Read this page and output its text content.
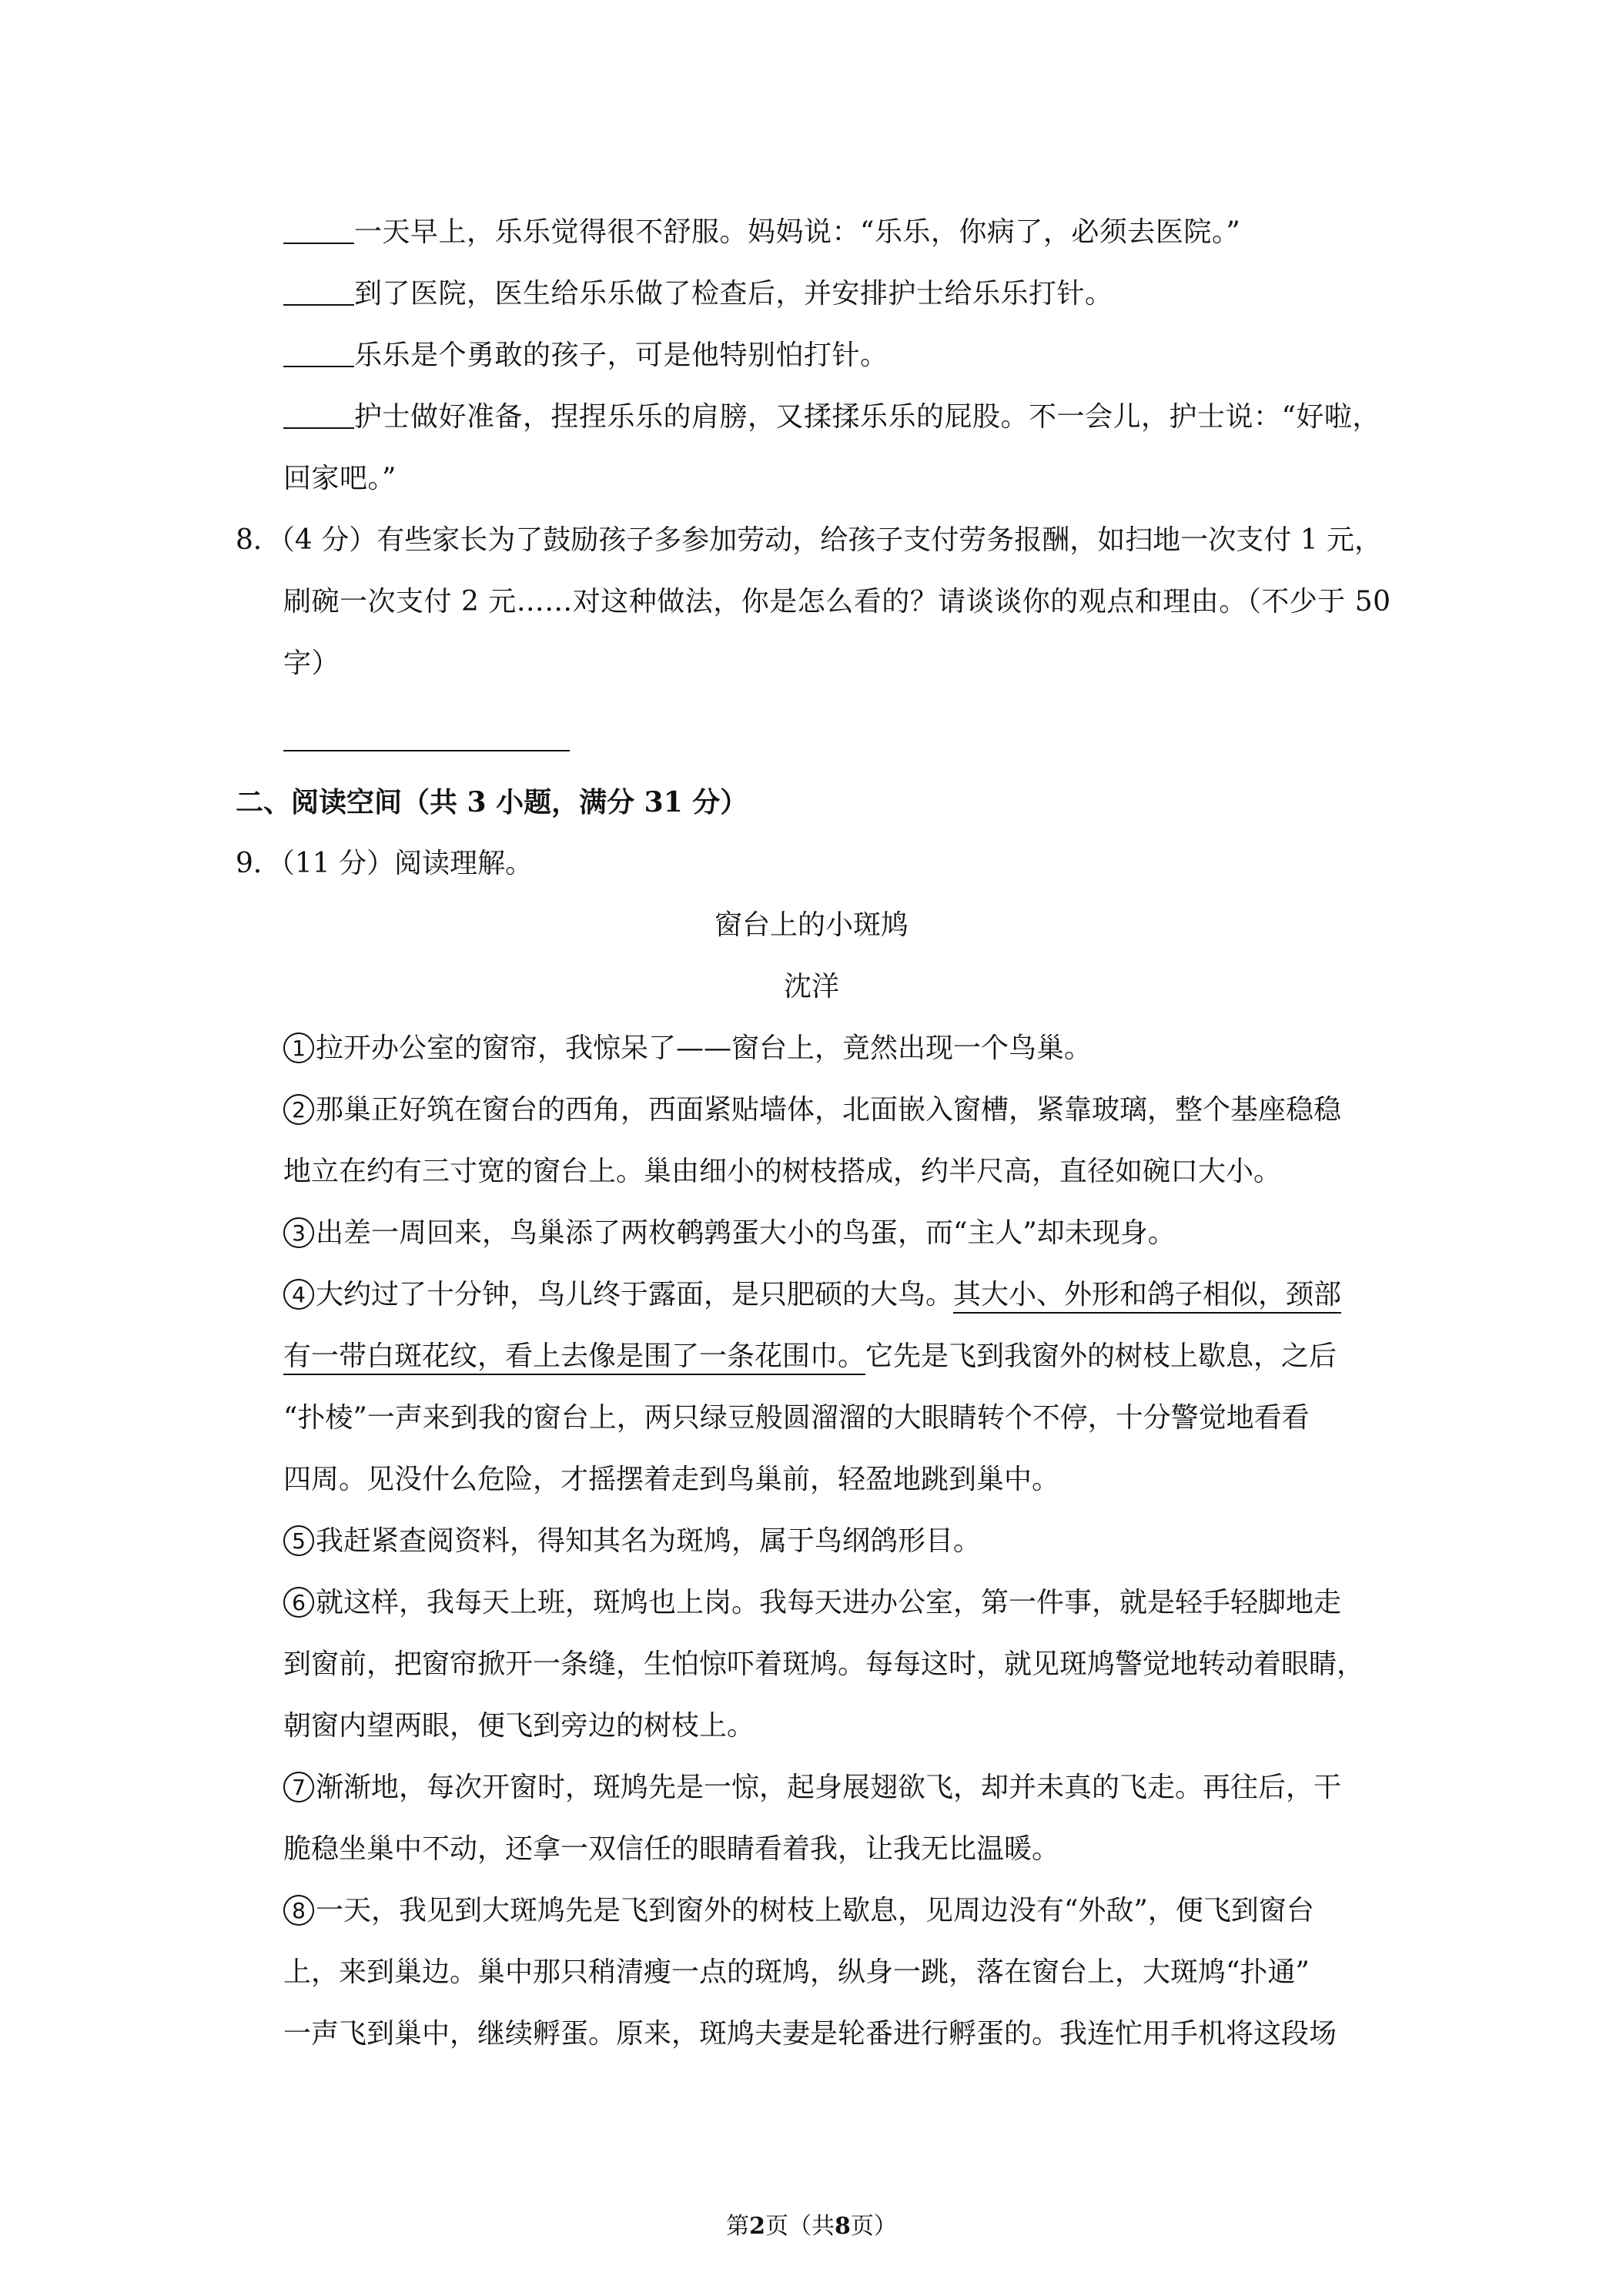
一天早上，乐乐觉得很不舒服。妈妈说：“乐乐，你病了，必须去医院。”
到了医院，医生给乐乐做了检查后，并安排护士给乐乐打针。
乐乐是个勇敢的孩子，可是他特别怕打针。
护士做好准备，捏捏乐乐的肩膀，又揉揉乐乐的屁股。不一会儿，护士说：“好啦，
回家吧。”
8．（4 分）有些家长为了鼓励孩子多参加劳动，给孩子支付劳务报酬，如扫地一次支付 1 元，
刷碗一次支付 2 元……对这种做法，你是怎么看的？请谈谈你的观点和理由。（不少于 50
字）
二、阅读空间（共 3 小题，满分 31 分）
9．（11 分）阅读理解。
窗台上的小斑鸠
沈洋
1 拉开办公室的窗帘，我惊呆了——窗台上，竟然出现一个鸟巢。
2 那巢正好筑在窗台的西角，西面紧贴墙体，北面嵌入窗槽，紧靠玻璃，整个基座稳稳
地立在约有三寸宽的窗台上。巢由细小的树枝搭成，约半尺高，直径如碗口大小。
3 出差一周回来，鸟巢添了两枚鹌鹑蛋大小的鸟蛋，而“主人”却未现身。
4 大约过了十分钟，鸟儿终于露面，是只肥硕的大鸟。其大小、外形和鸽子相似，颈部
有一带白斑花纹，看上去像是围了一条花围巾。它先是飞到我窗外的树枝上歇息，之后
“扑棱”一声来到我的窗台上，两只绿豆般圆溜溜的大眼睛转个不停，十分警觉地看看
四周。见没什么危险，才摇摆着走到鸟巢前，轻盈地跳到巢中。
5 我赶紧查阅资料，得知其名为斑鸠，属于鸟纲鸽形目。
6 就这样，我每天上班，斑鸠也上岗。我每天进办公室，第一件事，就是轻手轻脚地走
到窗前，把窗帘掀开一条缝，生怕惊吓着斑鸠。每每这时，就见斑鸠警觉地转动着眼睛，
朝窗内望两眼，便飞到旁边的树枝上。
7 渐渐地，每次开窗时，斑鸠先是一惊，起身展翅欲飞，却并未真的飞走。再往后，干
脆稳坐巢中不动，还拿一双信任的眼睛看着我，让我无比温暖。
8 一天，我见到大斑鸠先是飞到窗外的树枝上歇息，见周边没有“外敌”，便飞到窗台
上，来到巢边。巢中那只稍清瘦一点的斑鸠，纵身一跳，落在窗台上，大斑鸠“扑通”
一声飞到巢中，继续孵蛋。原来，斑鸠夫妻是轮番进行孵蛋的。我连忙用手机将这段场
第2页（共8页）
